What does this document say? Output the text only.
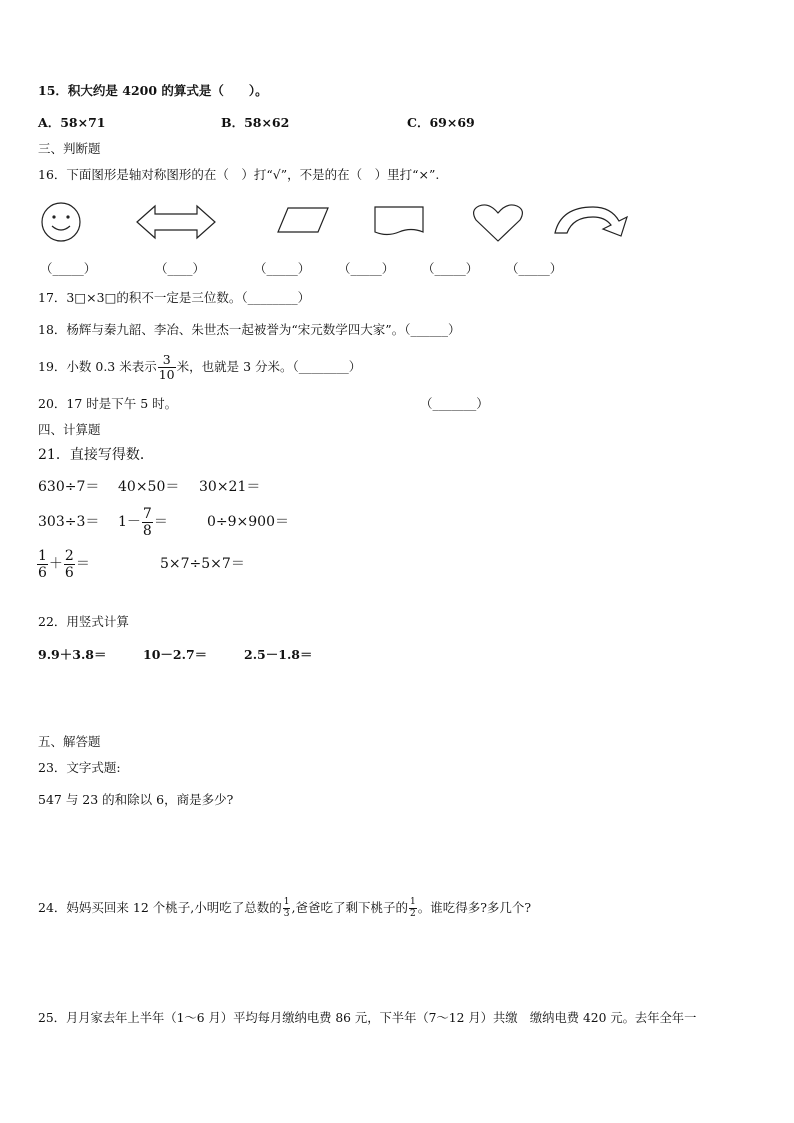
15．积大约是 4200 的算式是（　　）。
A．58×71	B．58×62	C．69×69
三、判断题
16．下面图形是轴对称图形的在（　）打“√”，不是的在（　）里打“×”.
（_____）	（____）	（_____） （_____） （_____） （_____）
17．3□×3□的积不一定是三位数。（________）
18．杨辉与秦九韶、李冶、朱世杰一起被誉为“宋元数学四大家”。（______）
19．小数 0.3 米表示 $\frac{3}{10}$ 米，也就是 3 分米。（________）
20．17 时是下午 5 时。	（_______）
四、计算题
21．直接写得数．
630÷7＝ 40×50＝ 30×21＝
$303\div 3= 1- \frac{7}{8}$ ＝	0÷9×900＝
$\frac{1}{6} + \frac{2}{6}$ ＝	5×7÷5×7＝
22．用竖式计算
9.9＋3.8＝	10－2.7＝	2.5－1.8＝
五、解答题
23．文字式题:
547 与 23 的和除以 6，商是多少?
24．妈妈买回来 12 个桃子,小明吃了总数的 $\frac{1}{3}$ ,爸爸吃了剩下桃子的 $\frac{1}{2}$ 。谁吃得多?多几个?
25．月月家去年上半年（1～6 月）平均每月缴纳电费 86 元，下半年（7～12 月）共缴　缴纳电费 420 元。去年全年一
